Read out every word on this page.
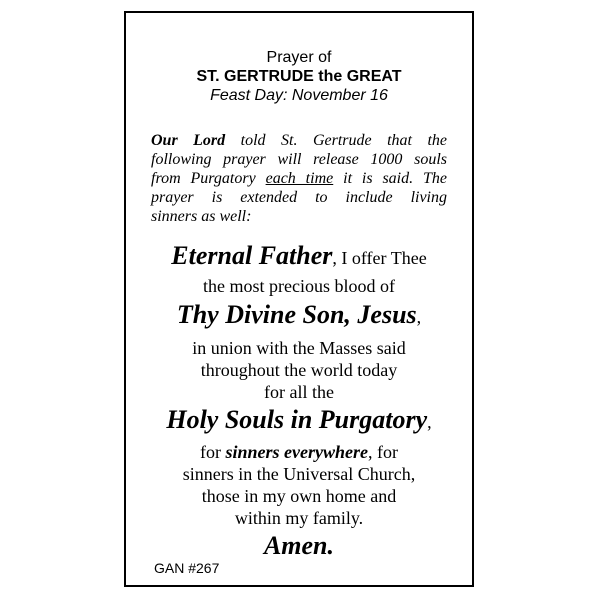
Prayer of
ST. GERTRUDE the GREAT
Feast Day: November 16
Our Lord told St. Gertrude that the
following prayer will release 1000 souls
from Purgatory each time it is said. The
prayer is extended to include living
sinners as well:
Eternal Father, I offer Thee
the most precious blood of
Thy Divine Son, Jesus,
in union with the Masses said
throughout the world today
for all the
Holy Souls in Purgatory,
for sinners everywhere, for
sinners in the Universal Church,
those in my own home and
within my family.
Amen.
GAN #267
